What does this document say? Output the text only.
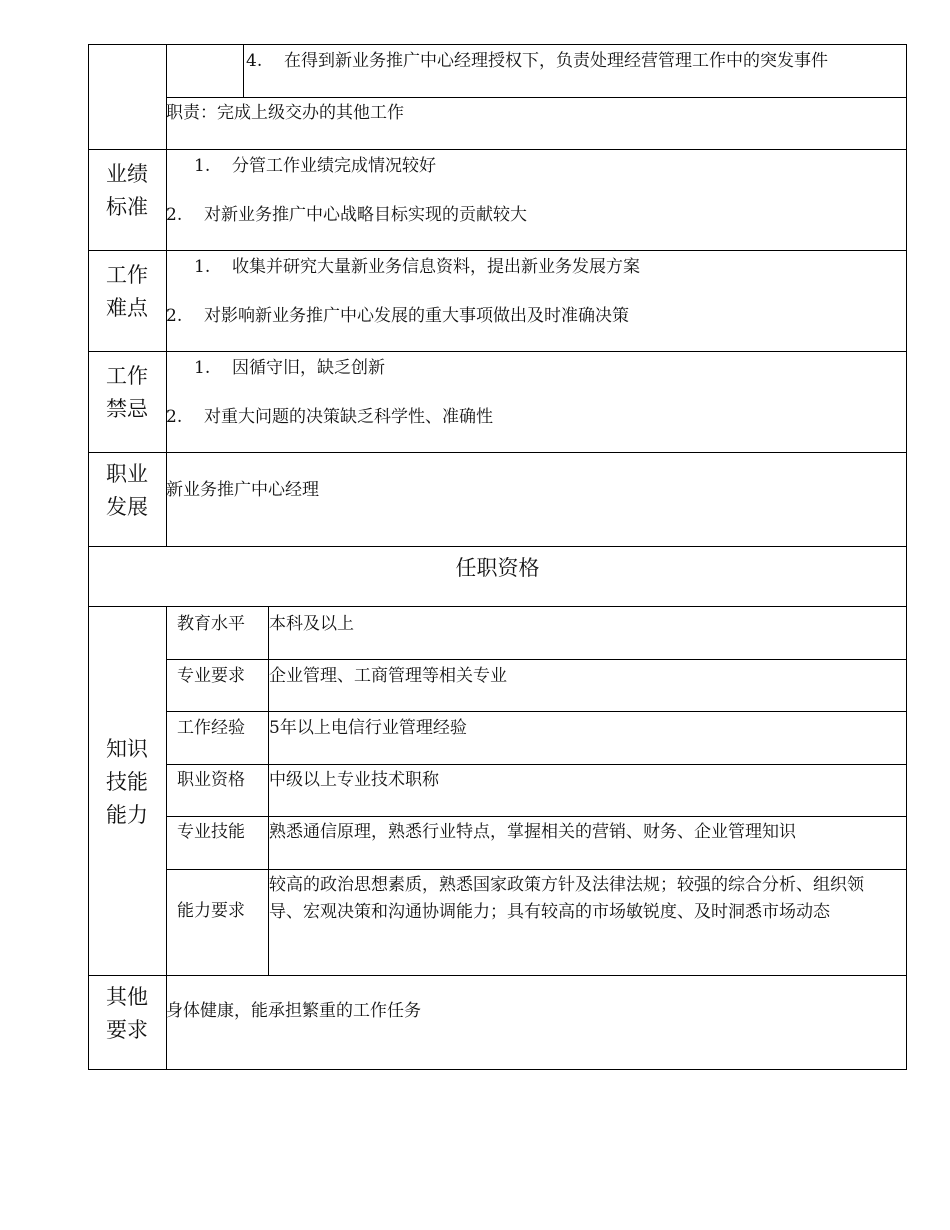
4. 在得到新业务推广中心经理授权下，负责处理经营管理工作中的突发事件
职责：完成上级交办的其他工作
业绩
标准
1. 分管工作业绩完成情况较好
2. 对新业务推广中心战略目标实现的贡献较大
工作
难点
1. 收集并研究大量新业务信息资料，提出新业务发展方案
2. 对影响新业务推广中心发展的重大事项做出及时准确决策
工作
禁忌
1. 因循守旧，缺乏创新
2. 对重大问题的决策缺乏科学性、准确性
职业
发展
新业务推广中心经理
任职资格
知识
技能
能力
教育水平 本科及以上
专业要求 企业管理、工商管理等相关专业
工作经验 5年以上电信行业管理经验
职业资格 中级以上专业技术职称
专业技能 熟悉通信原理，熟悉行业特点，掌握相关的营销、财务、企业管理知识
能力要求
较高的政治思想素质，熟悉国家政策方针及法律法规；较强的综合分析、组织领导、宏观决策和沟通协调能力；具有较高的市场敏锐度、及时洞悉市场动态
其他
要求
身体健康，能承担繁重的工作任务
